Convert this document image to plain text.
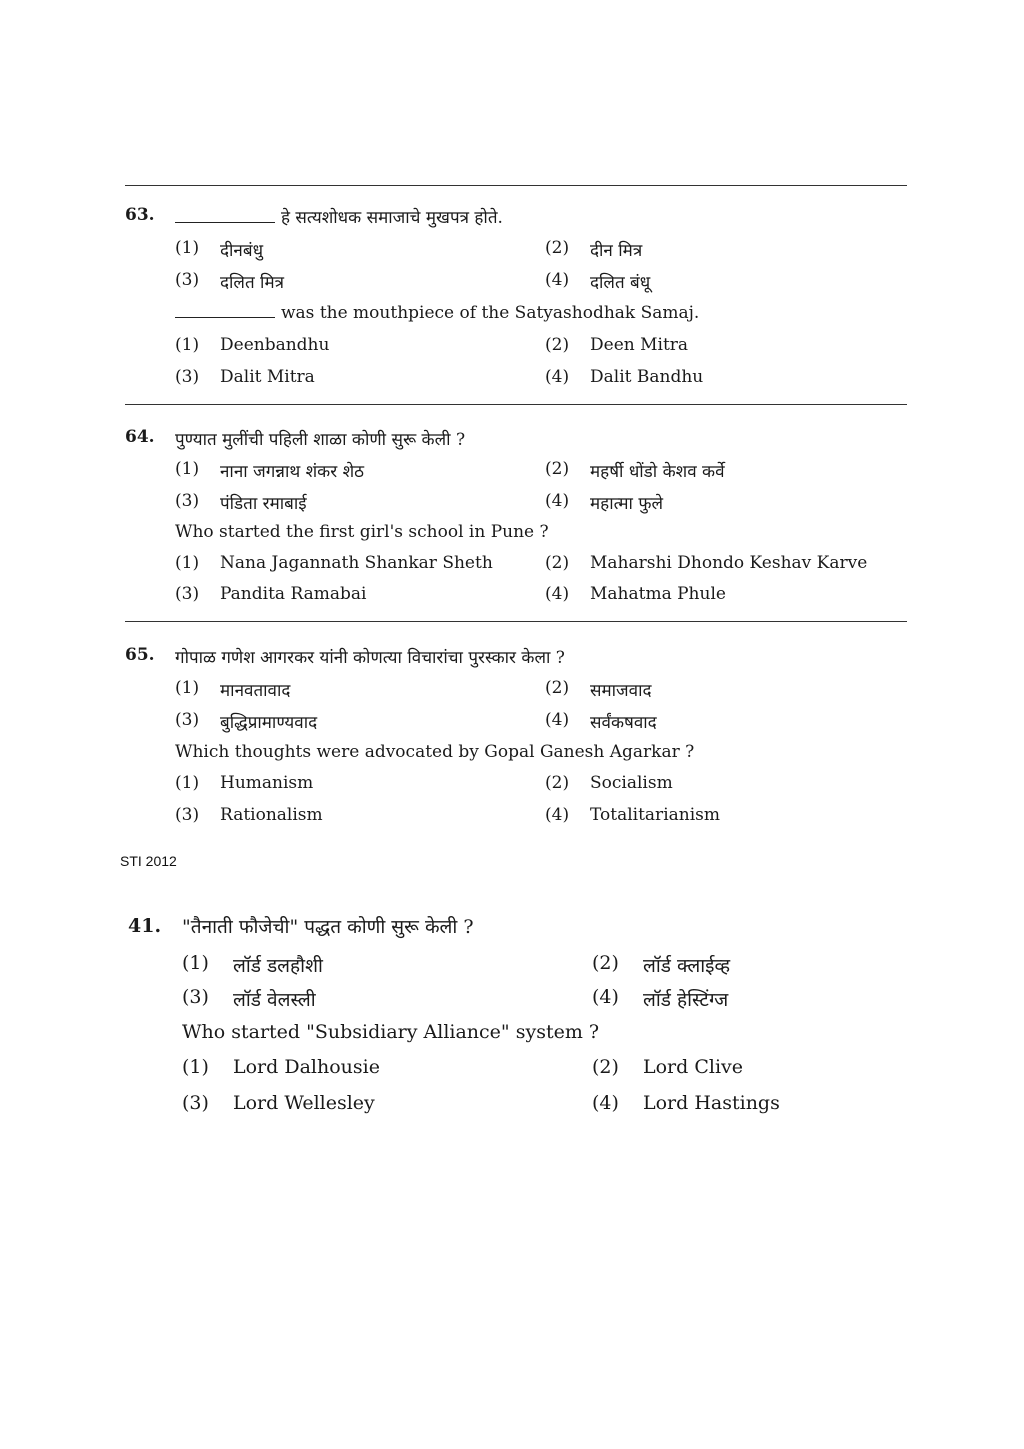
63.	हे सत्यशोधक समाजाचे मुखपत्र होते.
(1) दीनबंधु	(2) दीन मित्र
(3) दलित मित्र	(4) दलित बंधू
was the mouthpiece of the Satyashodhak Samaj.
(1) Deenbandhu	(2) Deen Mitra
(3) Dalit Mitra	(4) Dalit Bandhu
64. पुण्यात मुलींची पहिली शाळा कोणी सुरू केली ?
(1) नाना जगन्नाथ शंकर शेठ	(2) महर्षी धोंडो केशव कर्वे
(3) पंडिता रमाबाई	(4) महात्मा फुले
Who started the first girl's school in Pune ?
(1) Nana Jagannath Shankar Sheth	(2) Maharshi Dhondo Keshav Karve
(3) Pandita Ramabai	(4) Mahatma Phule
65. गोपाळ गणेश आगरकर यांनी कोणत्या विचारांचा पुरस्कार केला ?
(1) मानवतावाद	(2) समाजवाद
(3) बुद्धिप्रामाण्यवाद	(4) सर्वंकषवाद
Which thoughts were advocated by Gopal Ganesh Agarkar ?
(1) Humanism	(2) Socialism
(3) Rationalism	(4) Totalitarianism
STI 2012
41. "तैनाती फौजेची" पद्धत कोणी सुरू केली ?
(1) लॉर्ड डलहौशी	(2) लॉर्ड क्लाईव्ह
(3) लॉर्ड वेलस्ली	(4) लॉर्ड हेस्टिंग्ज
Who started "Subsidiary Alliance" system ?
(1) Lord Dalhousie	(2) Lord Clive
(3) Lord Wellesley	(4) Lord Hastings
